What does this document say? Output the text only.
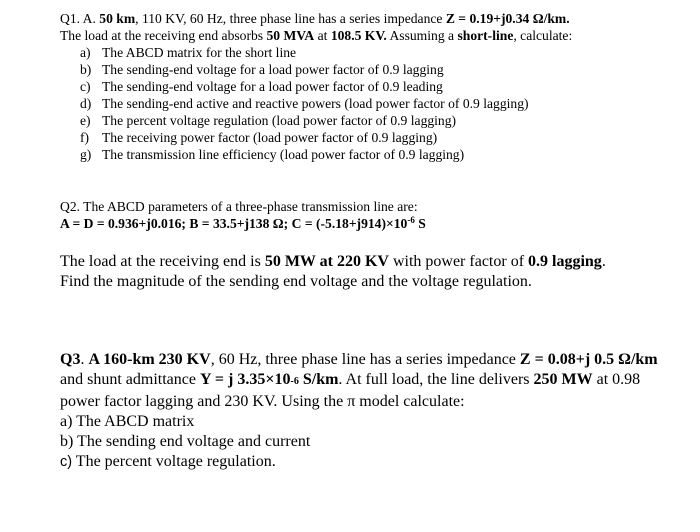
Q1. A. 50 km, 110 KV, 60 Hz, three phase line has a series impedance Z = 0.19+j0.34 Ω/km.
The load at the receiving end absorbs 50 MVA at 108.5 KV. Assuming a short-line, calculate:
a) The ABCD matrix for the short line
b) The sending-end voltage for a load power factor of 0.9 lagging
c) The sending-end voltage for a load power factor of 0.9 leading
d) The sending-end active and reactive powers (load power factor of 0.9 lagging)
e) The percent voltage regulation (load power factor of 0.9 lagging)
f) The receiving power factor (load power factor of 0.9 lagging)
g) The transmission line efficiency (load power factor of 0.9 lagging)
Q2. The ABCD parameters of a three-phase transmission line are:
A = D = 0.936+j0.016; B = 33.5+j138 Ω; $C = (-5.18+j914)\times 10^{-6}$ S

The load at the receiving end is 50 MW at 220 KV with power factor of 0.9 lagging.

Find the magnitude of the sending end voltage and the voltage regulation.

Q3. A 160-km 230 KV, 60 Hz, three phase line has a series impedance Z = 0.08+j 0.5 Ω/km and shunt admittance Y = j 3.35×10-6 S/km. At full load, the line delivers 250 MW at 0.98 power factor lagging and 230 KV. Using the π model calculate:

a) The ABCD matrix

b) The sending end voltage and current

c) The percent voltage regulation.
